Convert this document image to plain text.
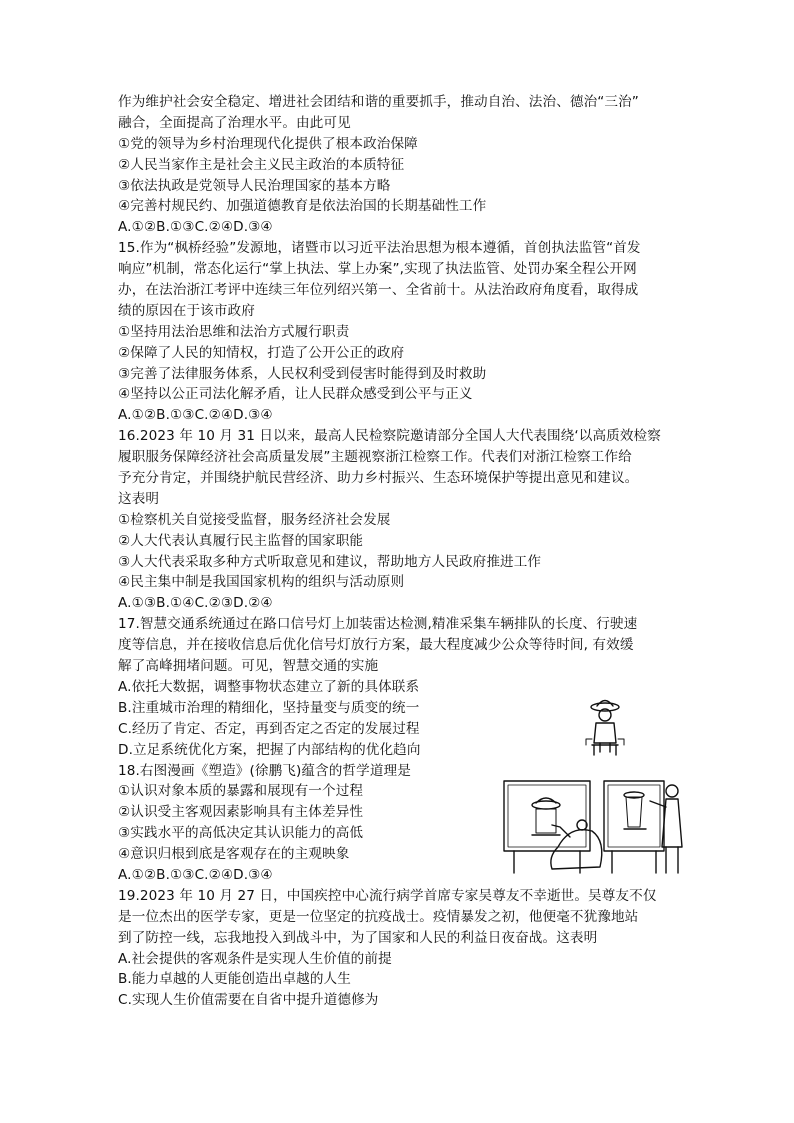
作为维护社会安全稳定、增进社会团结和谐的重要抓手，推动自治、法治、德治“三治”
融合，全面提高了治理水平。由此可见
①党的领导为乡村治理现代化提供了根本政治保障
②人民当家作主是社会主义民主政治的本质特征
③依法执政是党领导人民治理国家的基本方略
④完善村规民约、加强道德教育是依法治国的长期基础性工作
A.①②B.①③C.②④D.③④
15.作为“枫桥经验”发源地，诸暨市以习近平法治思想为根本遵循，首创执法监管“首发
响应”机制，常态化运行“掌上执法、掌上办案”,实现了执法监管、处罚办案全程公开网
办，在法治浙江考评中连续三年位列绍兴第一、全省前十。从法治政府角度看，取得成
绩的原因在于该市政府
①坚持用法治思维和法治方式履行职责
②保障了人民的知情权，打造了公开公正的政府
③完善了法律服务体系，人民权利受到侵害时能得到及时救助
④坚持以公正司法化解矛盾，让人民群众感受到公平与正义
A.①②B.①③C.②④D.③④
16.2023 年 10 月 31 日以来，最高人民检察院邀请部分全国人大代表围绕‘以高质效检察
履职服务保障经济社会高质量发展”主题视察浙江检察工作。代表们对浙江检察工作给
予充分肯定，并围绕护航民营经济、助力乡村振兴、生态环境保护等提出意见和建议。
这表明
①检察机关自觉接受监督，服务经济社会发展
②人大代表认真履行民主监督的国家职能
③人大代表采取多种方式听取意见和建议，帮助地方人民政府推进工作
④民主集中制是我国国家机构的组织与活动原则
A.①③B.①④C.②③D.②④
17.智慧交通系统通过在路口信号灯上加装雷达检测,精准采集车辆排队的长度、行驶速
度等信息，并在接收信息后优化信号灯放行方案，最大程度减少公众等待时间, 有效缓
解了高峰拥堵问题。可见，智慧交通的实施
A.依托大数据，调整事物状态建立了新的具体联系
B.注重城市治理的精细化，坚持量变与质变的统一
C.经历了肯定、否定，再到否定之否定的发展过程
D.立足系统优化方案，把握了内部结构的优化趋向
18.右图漫画《塑造》(徐鹏飞)蕴含的哲学道理是
①认识对象本质的暴露和展现有一个过程
②认识受主客观因素影响具有主体差异性
③实践水平的高低决定其认识能力的高低
④意识归根到底是客观存在的主观映象
A.①②B.①③C.②④D.③④
19.2023 年 10 月 27 日，中国疾控中心流行病学首席专家吴尊友不幸逝世。吴尊友不仅
是一位杰出的医学专家，更是一位坚定的抗疫战士。疫情暴发之初，他便毫不犹豫地站
到了防控一线，忘我地投入到战斗中，为了国家和人民的利益日夜奋战。这表明
A.社会提供的客观条件是实现人生价值的前提
B.能力卓越的人更能创造出卓越的人生
C.实现人生价值需要在自省中提升道德修为
